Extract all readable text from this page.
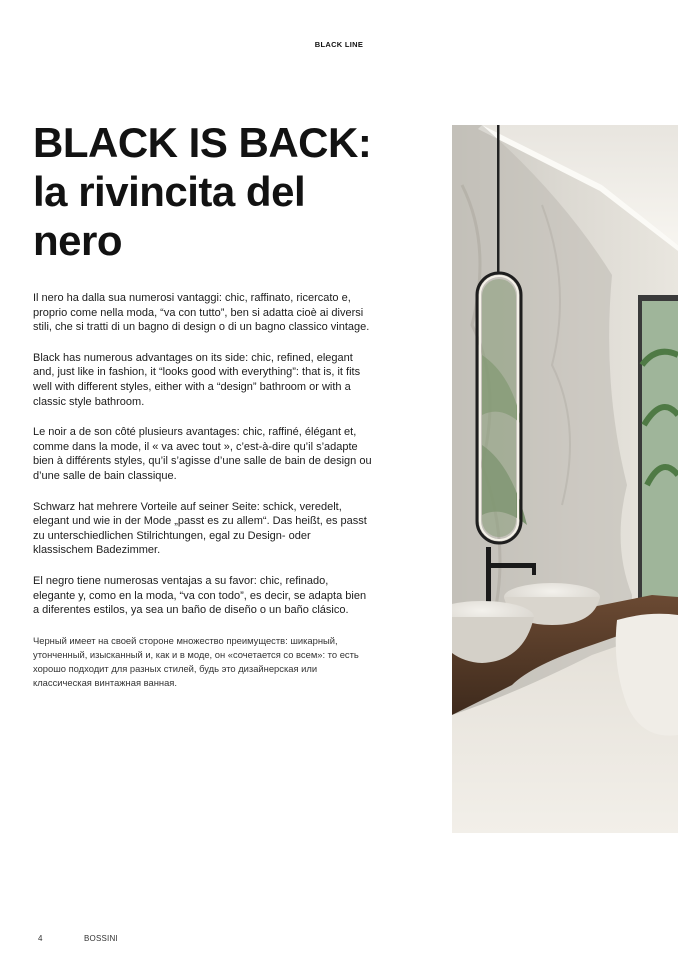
BLACK LINE
BLACK IS BACK:
la rivincita del
nero

Il nero ha dalla sua numerosi vantaggi: chic, raffinato, ricercato e, proprio come nella moda, “va con tutto”, ben si adatta cioè ai diversi stili, che si tratti di un bagno di design o di un bagno classico vintage.

Black has numerous advantages on its side: chic, refined, elegant and, just like in fashion, it “looks good with everything”: that is, it fits well with different styles, either with a “design” bathroom or with a classic style bathroom.

Le noir a de son côté plusieurs avantages: chic, raffiné, élégant et, comme dans la mode, il « va avec tout », c’est-à-dire qu’il s’adapte bien à différents styles, qu’il s’agisse d’une salle de bain de design ou d’une salle de bain classique.

Schwarz hat mehrere Vorteile auf seiner Seite: schick, veredelt, elegant und wie in der Mode „passt es zu allem“. Das heißt, es passt zu unterschiedlichen Stilrichtungen, egal zu Design- oder klassischem Badezimmer.

El negro tiene numerosas ventajas a su favor: chic, refinado, elegante y, como en la moda, “va con todo”, es decir, se adapta bien a diferentes estilos, ya sea un baño de diseño o un baño clásico.

Черный имеет на своей стороне множество преимуществ: шикарный, утонченный, изысканный и, как и в моде, он «сочетается со всем»: то есть хорошо подходит для разных стилей, будь это дизайнерская или классическая винтажная ванная.

4	BOSSINI
